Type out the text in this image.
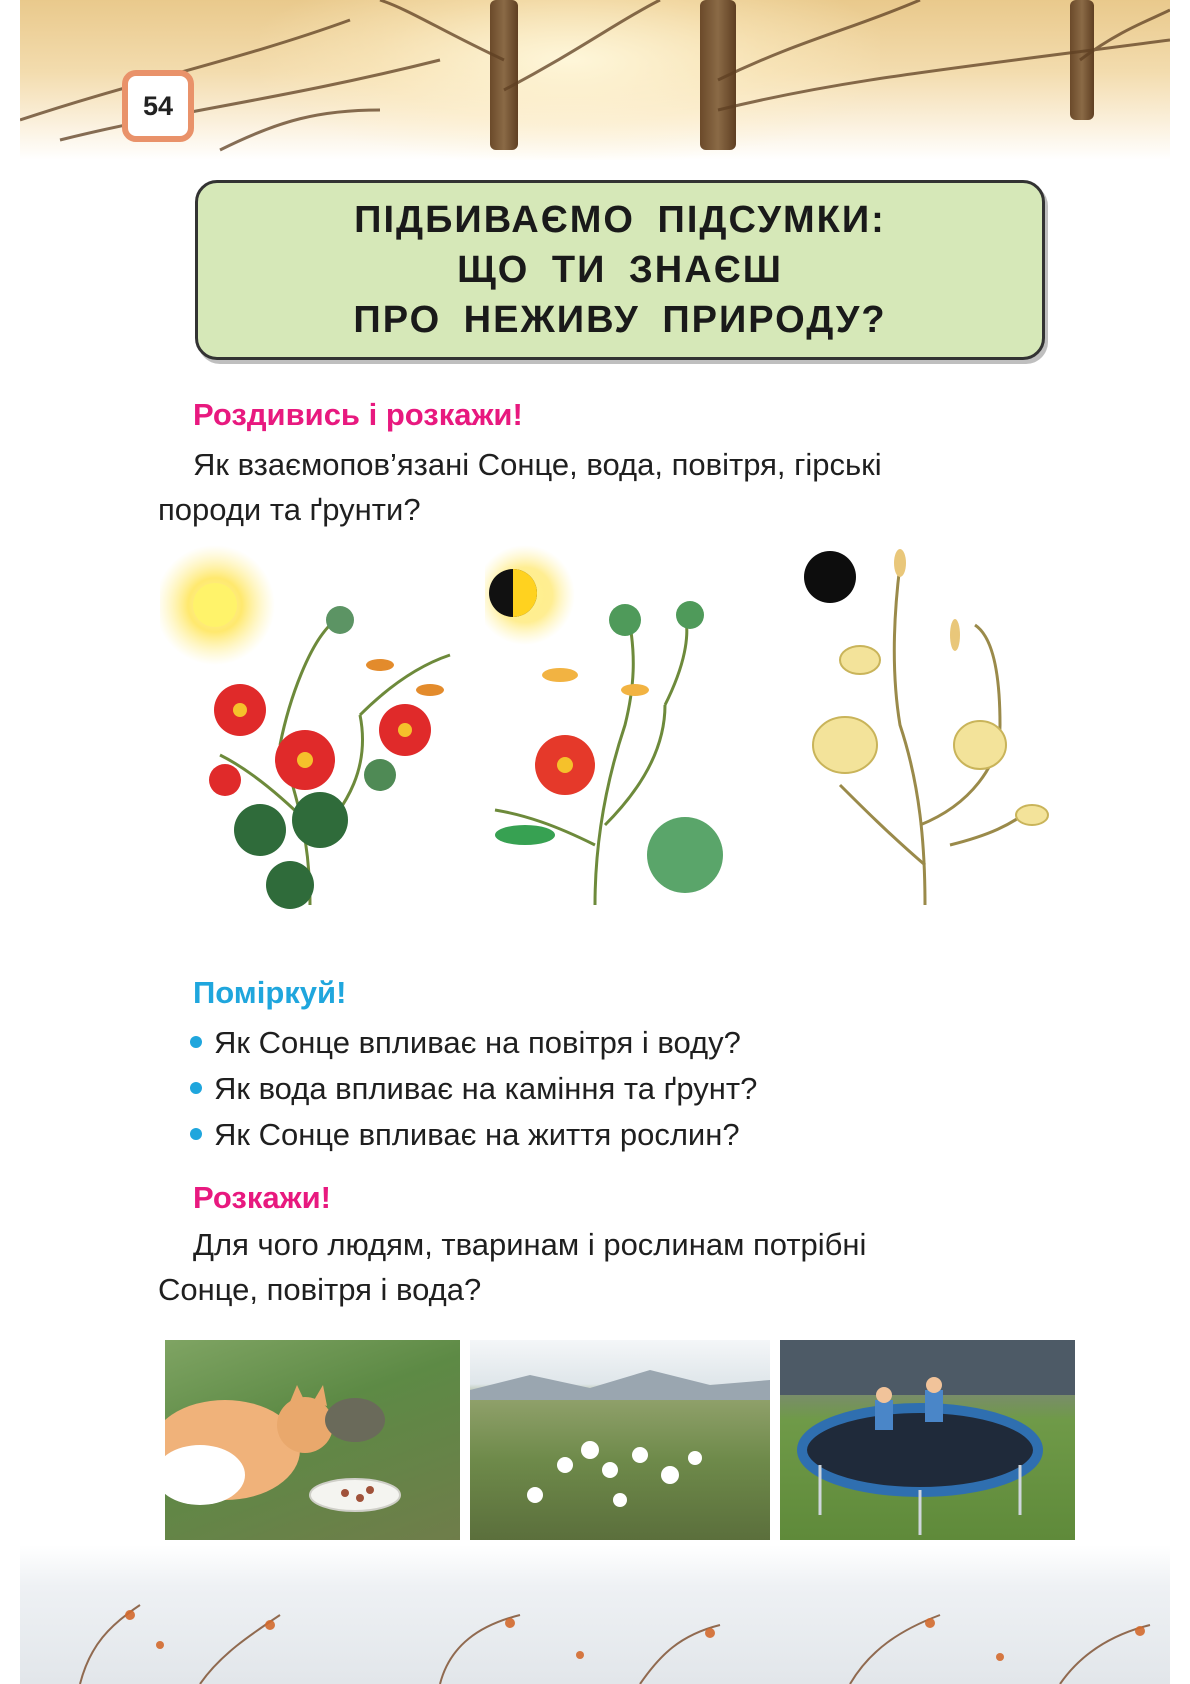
54
ПІДБИВАЄМО ПІДСУМКИ:
ЩО ТИ ЗНАЄШ
ПРО НЕЖИВУ ПРИРОДУ?
Роздивись і розкажи!
Як взаємопов’язані Сонце, вода, повітря, гірські
породи та ґрунти?
Поміркуй!
Як Сонце впливає на повітря і воду?
Як вода впливає на каміння та ґрунт?
Як Сонце впливає на життя рослин?
Розкажи!
Для чого людям, тваринам і рослинам потрібні
Сонце, повітря і вода?
